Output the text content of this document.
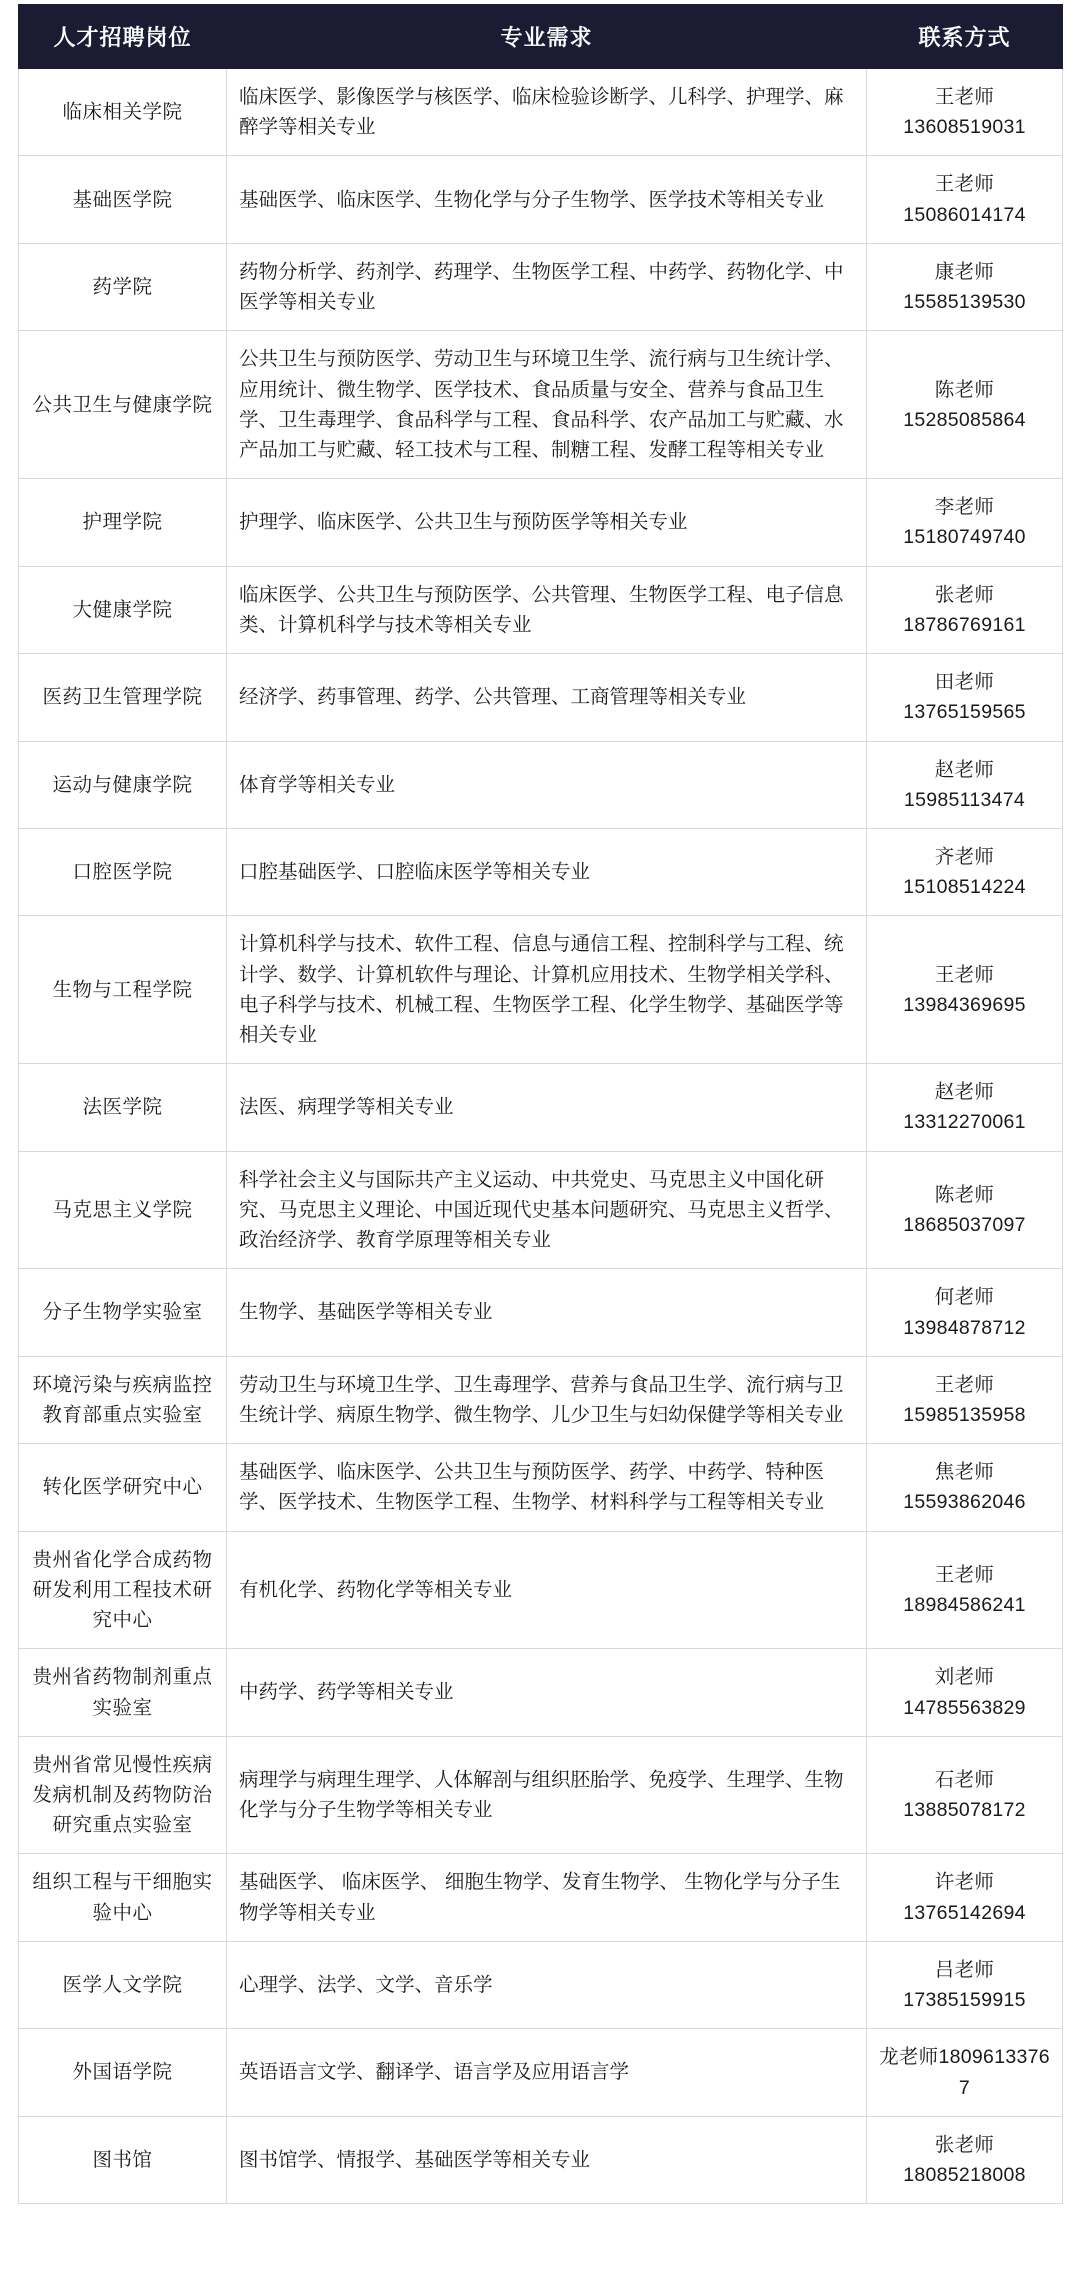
人才招聘岗位	专业需求	联系方式
临床相关学院	临床医学、影像医学与核医学、临床检验诊断学、儿科学、护理学、麻醉学等相关专业	王老师
13608519031

基础医学院	基础医学、临床医学、生物化学与分子生物学、医学技术等相关专业	王老师
15086014174

药学院	药物分析学、药剂学、药理学、生物医学工程、中药学、药物化学、中医学等相关专业	康老师
15585139530

公共卫生与健康学院	公共卫生与预防医学、劳动卫生与环境卫生学、流行病与卫生统计学、应用统计、微生物学、医学技术、食品质量与安全、营养与食品卫生学、卫生毒理学、食品科学与工程、食品科学、农产品加工与贮藏、水产品加工与贮藏、轻工技术与工程、制糖工程、发酵工程等相关专业	陈老师
15285085864

护理学院	护理学、临床医学、公共卫生与预防医学等相关专业	李老师
15180749740

大健康学院	临床医学、公共卫生与预防医学、公共管理、生物医学工程、电子信息类、计算机科学与技术等相关专业	张老师
18786769161

医药卫生管理学院	经济学、药事管理、药学、公共管理、工商管理等相关专业	田老师
13765159565

运动与健康学院	体育学等相关专业	赵老师
15985113474

口腔医学院	口腔基础医学、口腔临床医学等相关专业	齐老师
15108514224

生物与工程学院	计算机科学与技术、软件工程、信息与通信工程、控制科学与工程、统计学、数学、计算机软件与理论、计算机应用技术、生物学相关学科、电子科学与技术、机械工程、生物医学工程、化学生物学、基础医学等相关专业	王老师
13984369695

法医学院	法医、病理学等相关专业	赵老师
13312270061

马克思主义学院	科学社会主义与国际共产主义运动、中共党史、马克思主义中国化研究、马克思主义理论、中国近现代史基本问题研究、马克思主义哲学、政治经济学、教育学原理等相关专业	陈老师
18685037097

分子生物学实验室	生物学、基础医学等相关专业	何老师
13984878712

环境污染与疾病监控教育部重点实验室	劳动卫生与环境卫生学、卫生毒理学、营养与食品卫生学、流行病与卫生统计学、病原生物学、微生物学、儿少卫生与妇幼保健学等相关专业	王老师
15985135958

转化医学研究中心	基础医学、临床医学、公共卫生与预防医学、药学、中药学、特种医学、医学技术、生物医学工程、生物学、材料科学与工程等相关专业	焦老师
15593862046

贵州省化学合成药物研发利用工程技术研究中心	有机化学、药物化学等相关专业	王老师
18984586241

贵州省药物制剂重点实验室	中药学、药学等相关专业	刘老师
14785563829

贵州省常见慢性疾病发病机制及药物防治研究重点实验室	病理学与病理生理学、人体解剖与组织胚胎学、免疫学、生理学、生物化学与分子生物学等相关专业	石老师
13885078172

组织工程与干细胞实验中心	基础医学、 临床医学、 细胞生物学、发育生物学、 生物化学与分子生物学等相关专业	许老师
13765142694

医学人文学院	心理学、法学、文学、音乐学	吕老师
17385159915

外国语学院	英语语言文学、翻译学、语言学及应用语言学	龙老师18096133767
图书馆	图书馆学、情报学、基础医学等相关专业	张老师
18085218008
